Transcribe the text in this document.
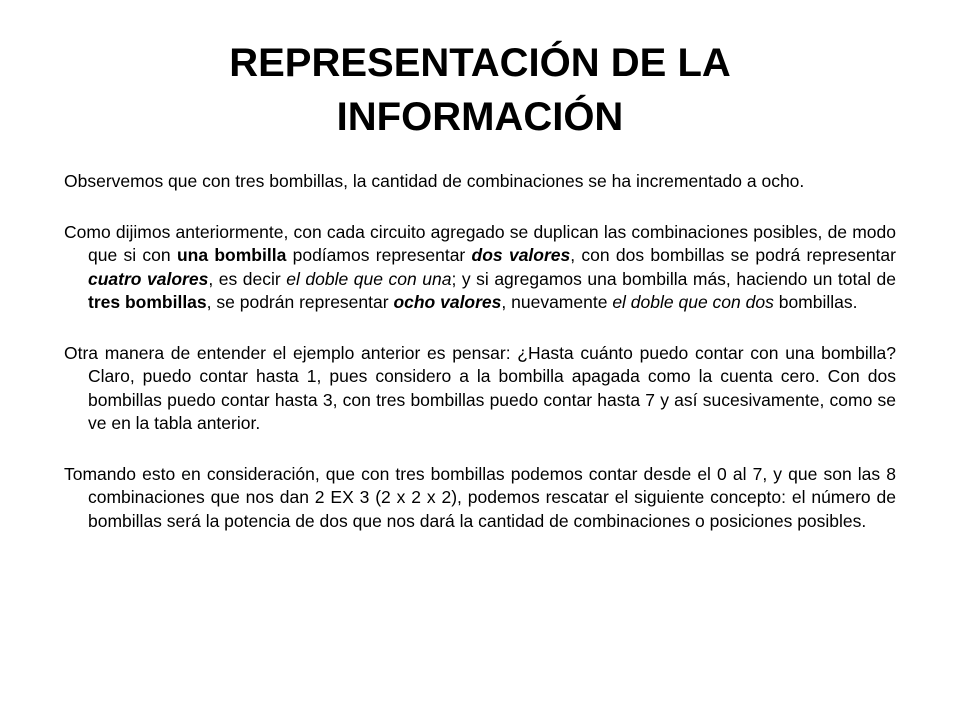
REPRESENTACIÓN DE LA
INFORMACIÓN

Observemos que con tres bombillas, la cantidad de combinaciones se ha incrementado a ocho.

Como dijimos anteriormente, con cada circuito agregado se duplican las combinaciones posibles, de modo que si con una bombilla podíamos representar dos valores, con dos bombillas se podrá representar cuatro valores, es decir el doble que con una; y si agregamos una bombilla más, haciendo un total de tres bombillas, se podrán representar ocho valores, nuevamente el doble que con dos bombillas.

Otra manera de entender el ejemplo anterior es pensar: ¿Hasta cuánto puedo contar con una bombilla? Claro, puedo contar hasta 1, pues considero a la bombilla apagada como la cuenta cero. Con dos bombillas puedo contar hasta 3, con tres bombillas puedo contar hasta 7 y así sucesivamente, como se ve en la tabla anterior.

Tomando esto en consideración, que con tres bombillas podemos contar desde el 0 al 7, y que son las 8 combinaciones que nos dan 2 EX 3 (2 x 2 x 2), podemos rescatar el siguiente concepto: el número de bombillas será la potencia de dos que nos dará la cantidad de combinaciones o posiciones posibles.
